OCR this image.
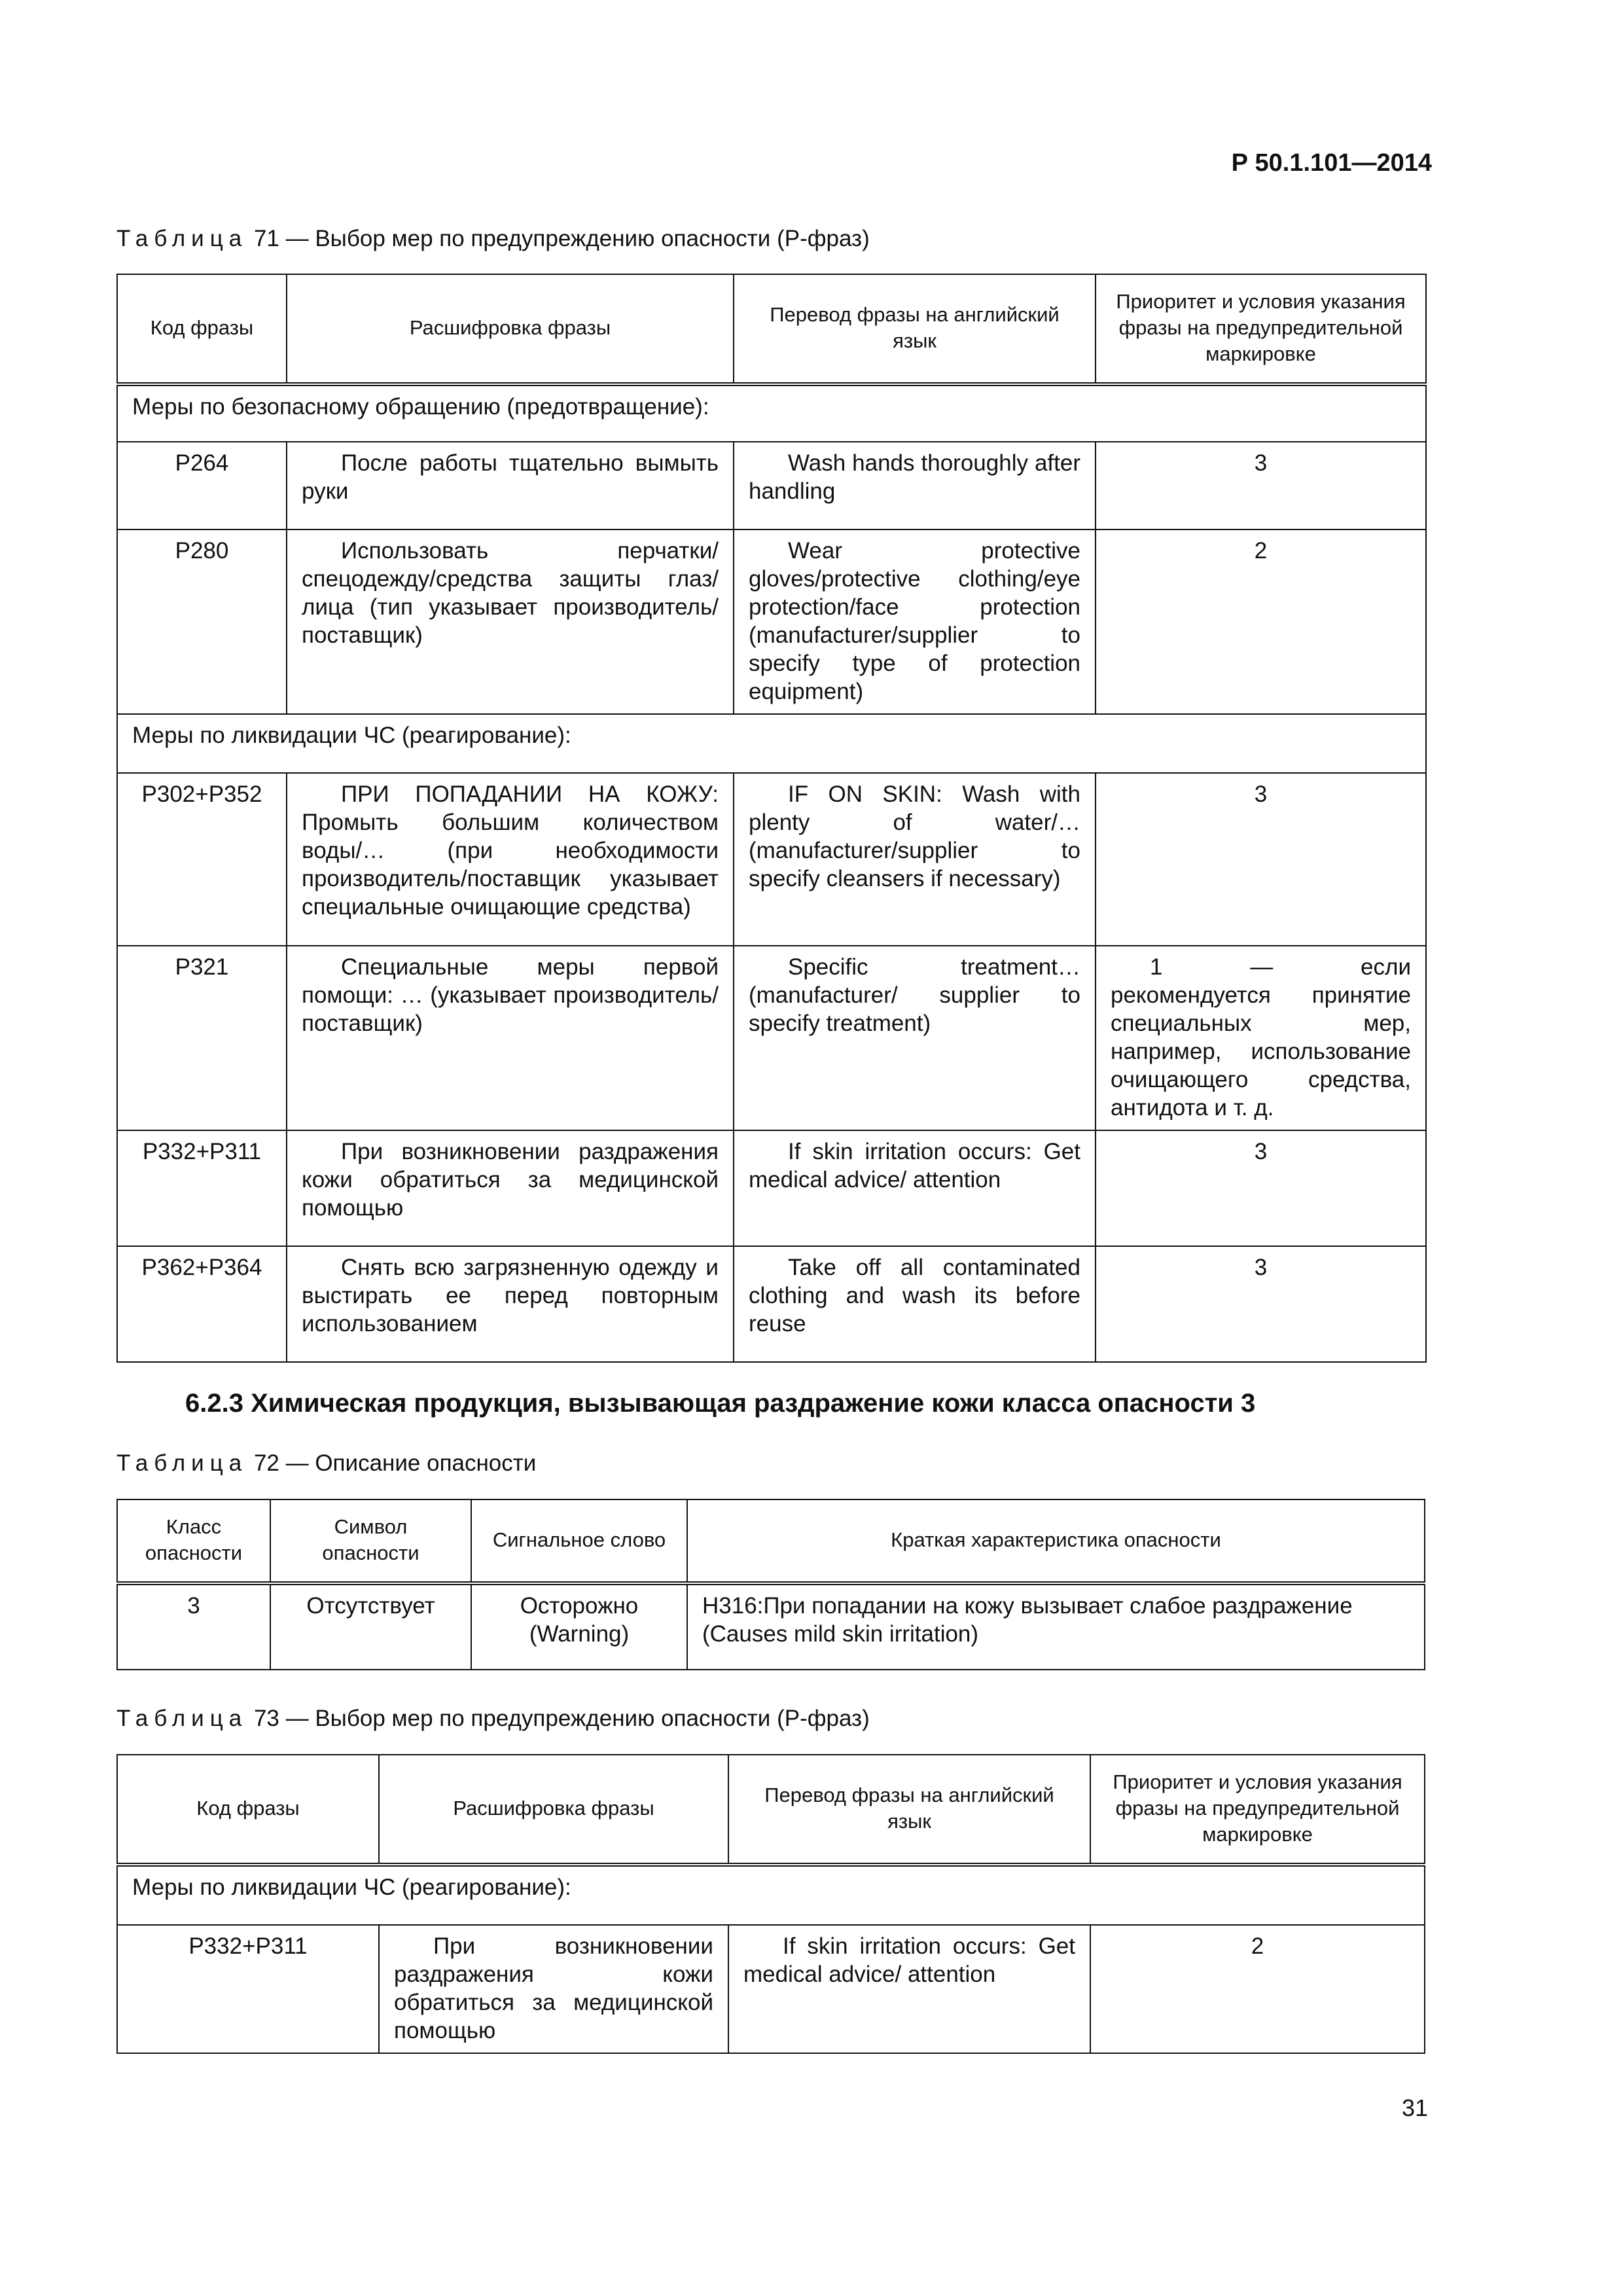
Р 50.1.101—2014
Таблица 71 — Выбор мер по предупреждению опасности (Р-фраз)
Код фразы	Расшифровка фразы	Перевод фразы на английский язык	Приоритет и условия указания фразы на предупредительной маркировке
Меры по безопасному обращению (предотвращение):			
P264	После работы тщательно вымыть руки	Wash hands thoroughly after handling	3
P280	Использовать перчатки/спецодежду/средства защиты глаз/лица (тип указывает производитель/поставщик)	Wear protective gloves/protective clothing/eye protection/face protection (manufacturer/supplier to specify type of protection equipment)	2
Меры по ликвидации ЧС (реагирование):			
P302+P352	ПРИ ПОПАДАНИИ НА КОЖУ: Промыть большим количеством воды/… (при необходимости производитель/поставщик указывает специальные очищающие средства)	IF ON SKIN: Wash with plenty of water/… (manufacturer/supplier to specify cleansers if necessary)	3
P321	Специальные меры первой помощи: … (указывает производитель/поставщик)	Specific treatment… (manufacturer/ supplier to specify treatment)	1 — если рекомендуется принятие специальных мер, например, использование очищающего средства, антидота и т. д.
P332+P311	При возникновении раздражения кожи обратиться за медицинской помощью	If skin irritation occurs: Get medical advice/ attention	3
P362+P364	Снять всю загрязненную одежду и выстирать ее перед повторным использованием	Take off all contaminated clothing and wash its before reuse	3
6.2.3 Химическая продукция, вызывающая раздражение кожи класса опасности 3
Таблица 72 — Описание опасности
Класс опасности	Символ опасности	Сигнальное слово	Краткая характеристика опасности
3	Отсутствует	Осторожно (Warning)	H316:При попадании на кожу вызывает слабое раздражение (Causes mild skin irritation)
Таблица 73 — Выбор мер по предупреждению опасности (Р-фраз)
Код фразы	Расшифровка фразы	Перевод фразы на английский язык	Приоритет и условия указания фразы на предупредительной маркировке
Меры по ликвидации ЧС (реагирование):			
P332+P311	При возникновении раздражения кожи обратиться за медицинской помощью	If skin irritation occurs: Get medical advice/ attention	2
31
